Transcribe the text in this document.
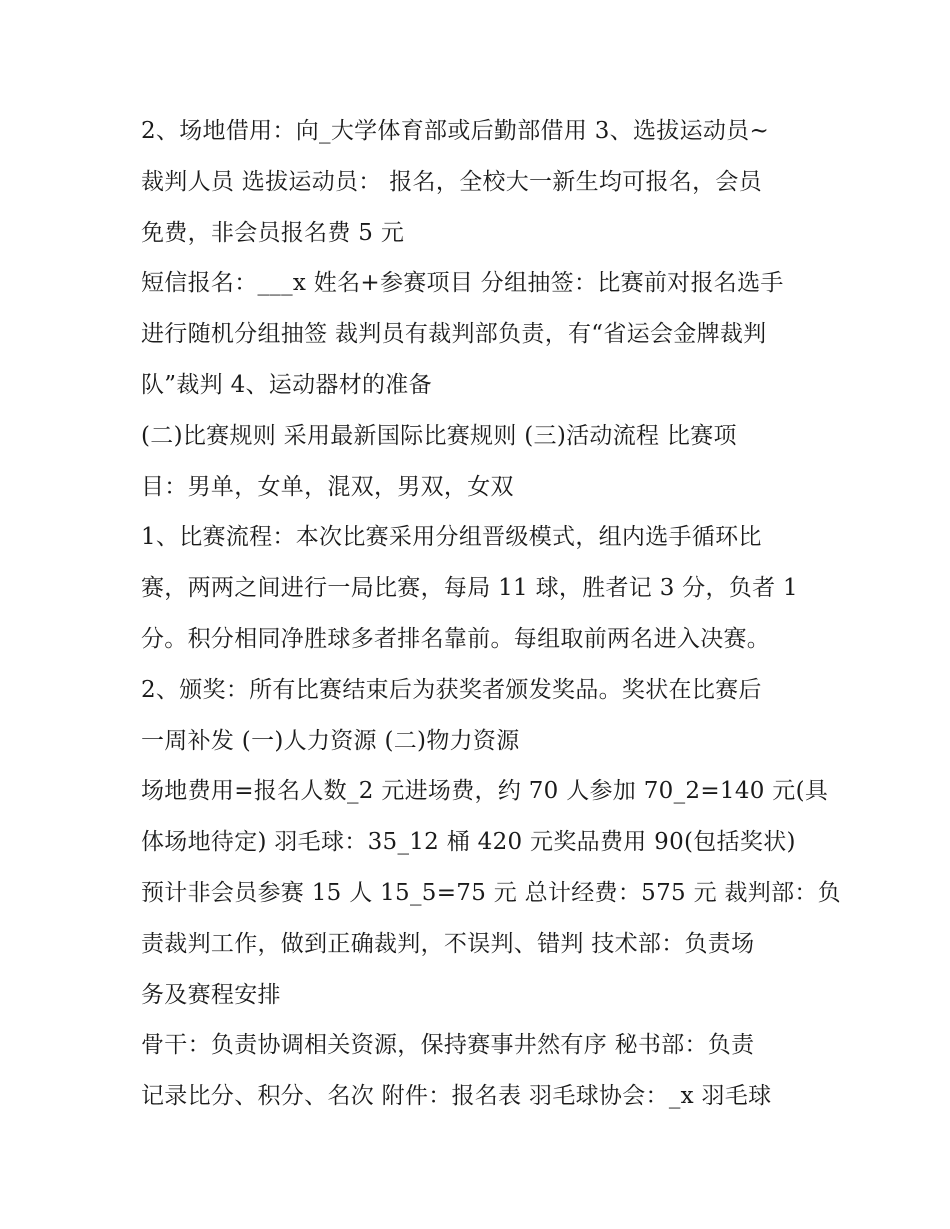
2、场地借用：向_大学体育部或后勤部借用 3、选拔运动员~
裁判人员 选拔运动员： 报名，全校大一新生均可报名，会员
免费，非会员报名费 5 元
短信报名：___x 姓名+参赛项目 分组抽签：比赛前对报名选手
进行随机分组抽签 裁判员有裁判部负责，有“省运会金牌裁判
队”裁判 4、运动器材的准备
(二)比赛规则 采用最新国际比赛规则 (三)活动流程 比赛项
目：男单，女单，混双，男双，女双
1、比赛流程：本次比赛采用分组晋级模式，组内选手循环比
赛，两两之间进行一局比赛，每局 11 球，胜者记 3 分，负者 1
分。积分相同净胜球多者排名靠前。每组取前两名进入决赛。
2、颁奖：所有比赛结束后为获奖者颁发奖品。奖状在比赛后
一周补发 (一)人力资源 (二)物力资源
场地费用=报名人数_2 元进场费，约 70 人参加 70_2=140 元(具
体场地待定) 羽毛球：35_12 桶 420 元奖品费用 90(包括奖状)
预计非会员参赛 15 人 15_5=75 元 总计经费：575 元 裁判部：负
责裁判工作，做到正确裁判，不误判、错判 技术部：负责场
务及赛程安排
骨干：负责协调相关资源，保持赛事井然有序 秘书部：负责
记录比分、积分、名次 附件：报名表 羽毛球协会：_x 羽毛球
